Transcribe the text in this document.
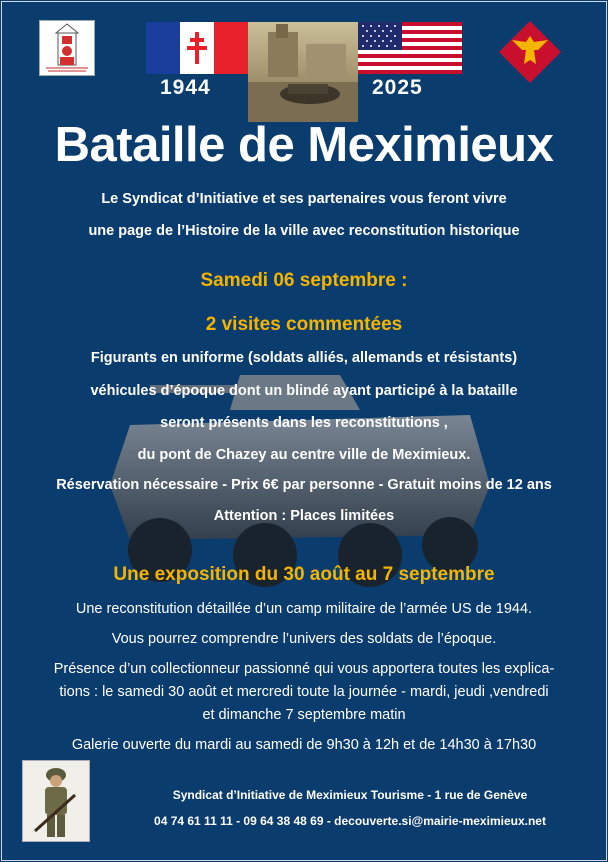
1944	2025
Bataille de Meximieux
Le Syndicat d’Initiative et ses partenaires vous feront vivre
une page de l’Histoire de la ville avec reconstitution historique
Samedi 06 septembre :
2 visites commentées
Figurants en uniforme (soldats alliés, allemands et résistants)
véhicules d’époque dont un blindé ayant participé à la bataille
seront présents dans les reconstitutions ,
du pont de Chazey au centre ville de Meximieux.
Réservation nécessaire - Prix 6€ par personne - Gratuit moins de 12 ans
Attention : Places limitées
Une exposition du 30 août au 7 septembre
Une reconstitution détaillée d’un camp militaire de l’armée US de 1944.
Vous pourrez comprendre l’univers des soldats de l’époque.
Présence d’un collectionneur passionné qui vous apportera toutes les explica-
tions : le samedi 30 août et mercredi toute la journée - mardi, jeudi ,vendredi
et dimanche 7 septembre matin
Galerie ouverte du mardi au samedi de 9h30 à 12h et de 14h30 à 17h30
Syndicat d’Initiative de Meximieux Tourisme - 1 rue de Genève
04 74 61 11 11 - 09 64 38 48 69 - decouverte.si@mairie-meximieux.net
